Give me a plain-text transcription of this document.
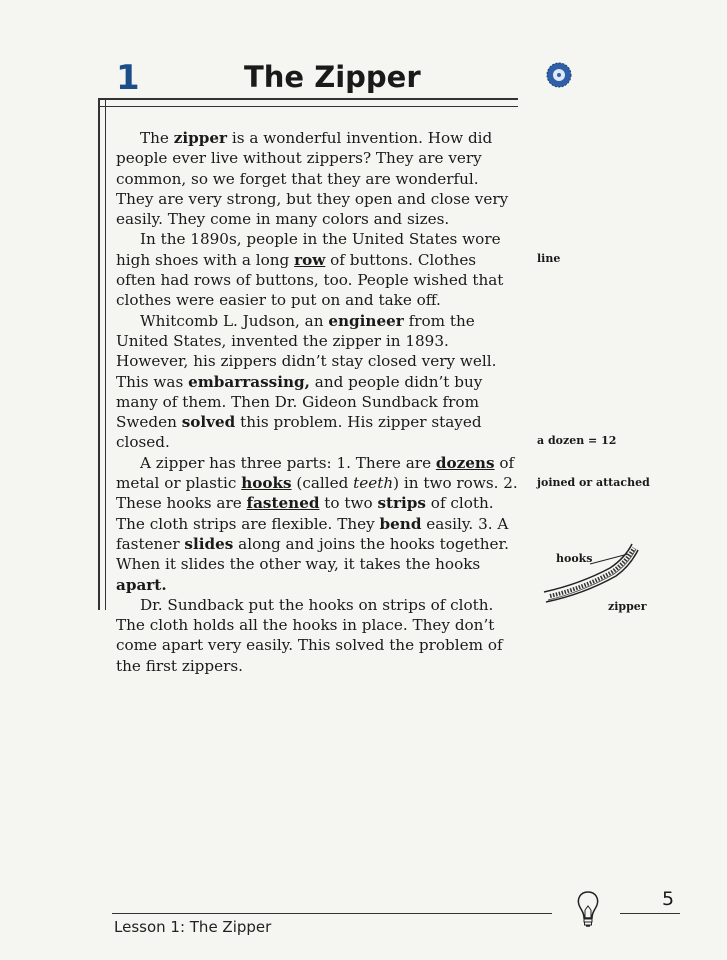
1	The Zipper

The zipper is a wonderful invention. How did people ever live without zippers? They are very common, so we forget that they are wonderful. They are very strong, but they open and close very easily. They come in many colors and sizes.

In the 1890s, people in the United States wore high shoes with a long row of buttons. Clothes often had rows of buttons, too. People wished that clothes were easier to put on and take off.

Whitcomb L. Judson, an engineer from the United States, invented the zipper in 1893. However, his zippers didn’t stay closed very well. This was embarrassing, and people didn’t buy many of them. Then Dr. Gideon Sundback from Sweden solved this problem. His zipper stayed closed.

A zipper has three parts: 1. There are dozens of metal or plastic hooks (called teeth) in two rows. 2. These hooks are fastened to two strips of cloth. The cloth strips are flexible. They bend easily. 3. A fastener slides along and joins the hooks together. When it slides the other way, it takes the hooks apart.

Dr. Sundback put the hooks on strips of cloth. The cloth holds all the hooks in place. They don’t come apart very easily. This solved the problem of the first zippers.

line
a dozen = 12
joined or attached
hooks
zipper
Lesson 1: The Zipper
5
